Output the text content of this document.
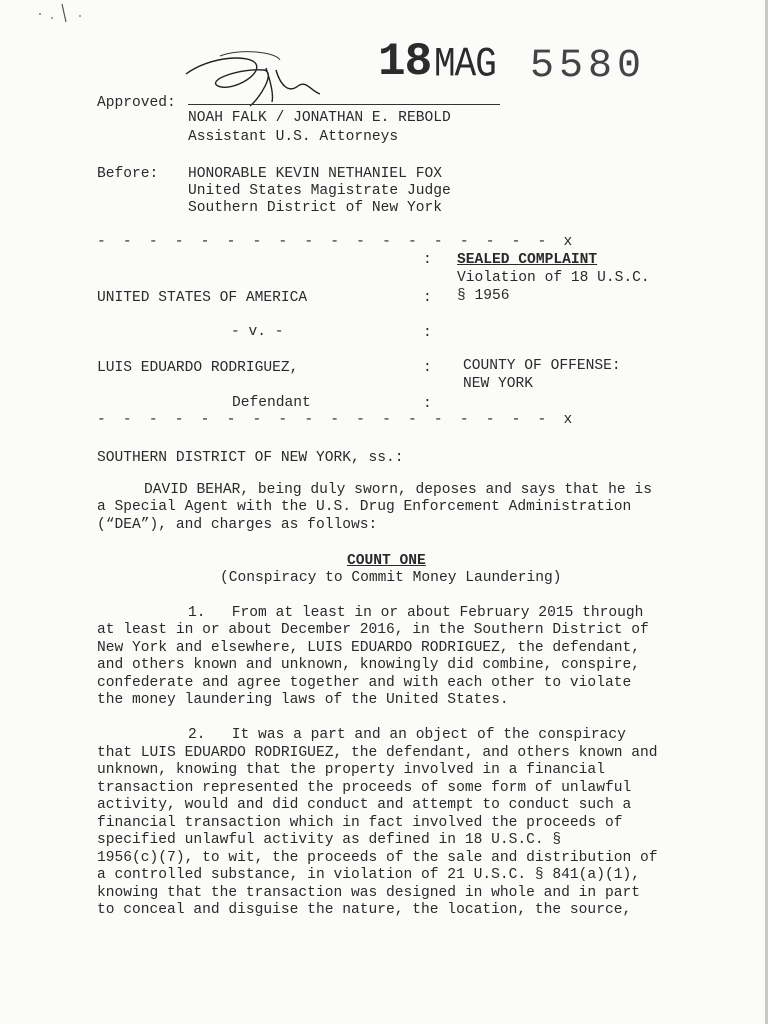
18 MAG 5580
Approved:
NOAH FALK / JONATHAN E. REBOLD
Assistant U.S. Attorneys
Before: HONORABLE KEVIN NETHANIEL FOX
United States Magistrate Judge
Southern District of New York
- - - - - - - - - - - - - - - - - - x
: SEALED COMPLAINT
Violation of 18 U.S.C.
UNITED STATES OF AMERICA	: § 1956
- v. -	:
LUIS EDUARDO RODRIGUEZ,	: COUNTY OF OFFENSE:
NEW YORK
Defendant	:
- - - - - - - - - - - - - - - - - - x
SOUTHERN DISTRICT OF NEW YORK, ss.:
DAVID BEHAR, being duly sworn, deposes and says that he is
a Special Agent with the U.S. Drug Enforcement Administration
(“DEA”), and charges as follows:
COUNT ONE
(Conspiracy to Commit Money Laundering)
1.   From at least in or about February 2015 through
at least in or about December 2016, in the Southern District of
New York and elsewhere, LUIS EDUARDO RODRIGUEZ, the defendant,
and others known and unknown, knowingly did combine, conspire,
confederate and agree together and with each other to violate
the money laundering laws of the United States.
2.   It was a part and an object of the conspiracy
that LUIS EDUARDO RODRIGUEZ, the defendant, and others known and
unknown, knowing that the property involved in a financial
transaction represented the proceeds of some form of unlawful
activity, would and did conduct and attempt to conduct such a
financial transaction which in fact involved the proceeds of
specified unlawful activity as defined in 18 U.S.C. §
1956(c)(7), to wit, the proceeds of the sale and distribution of
a controlled substance, in violation of 21 U.S.C. § 841(a)(1),
knowing that the transaction was designed in whole and in part
to conceal and disguise the nature, the location, the source,
